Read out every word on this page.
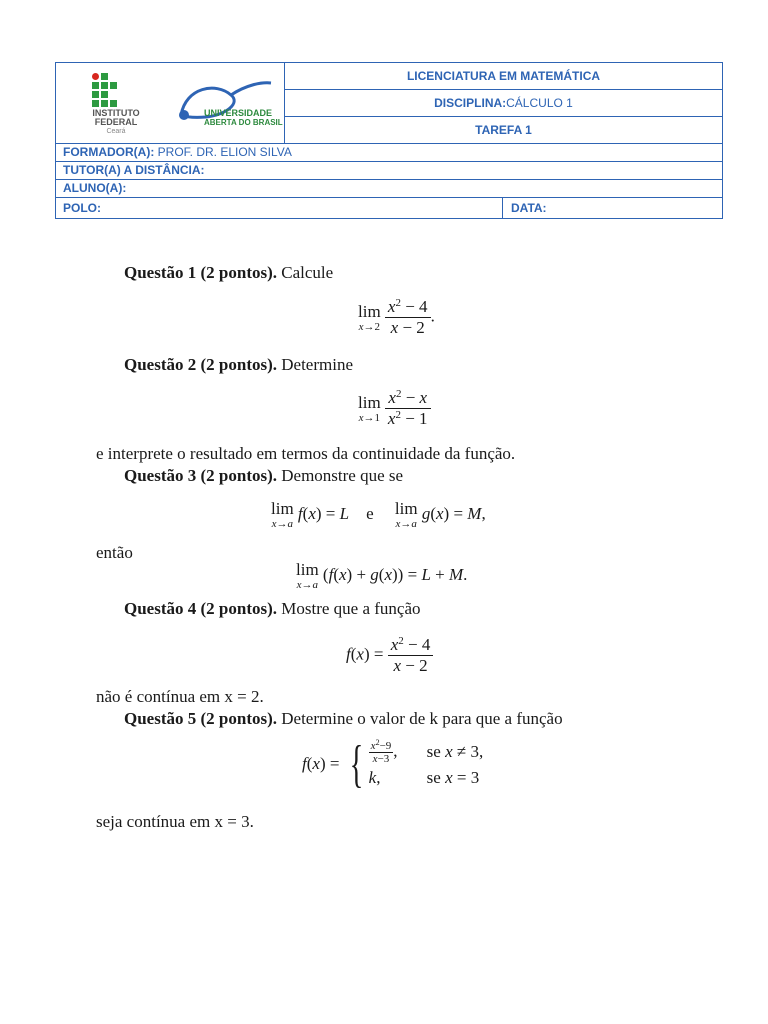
INSTITUTO
FEDERAL
Ceará
UNIVERSIDADE
ABERTA DO BRASIL
LICENCIATURA EM MATEMÁTICA
DISCIPLINA: CÁLCULO 1
TAREFA 1
FORMADOR(A): PROF. DR. ELION SILVA
TUTOR(A) A DISTÂNCIA:
ALUNO(A):
POLO:	DATA:
Questão 1 (2 pontos). Calcule
lim
x→2
$\frac{x^2 - 4}{x - 2}$ .
Questão 2 (2 pontos). Determine
lim
x→1
$\frac{x^2 - x}{x^2 - 1}$
e interprete o resultado em termos da continuidade da função.
Questão 3 (2 pontos). Demonstre que se
lim
x→a
f(x) = L    e lim
x→a
g(x) = M,
então
lim
x→a
(f(x) + g(x)) = L + M.
Questão 4 (2 pontos). Mostre que a função
$f(x) = \frac{x^2 - 4}{x - 2}$
não é contínua em x = 2.
Questão 5 (2 pontos). Determine o valor de k para que a função
f(x) = { $\frac{x^2-9}{x-3}$ ,	se x ≠ 3,
k,	se x = 3
seja contínua em x = 3.
